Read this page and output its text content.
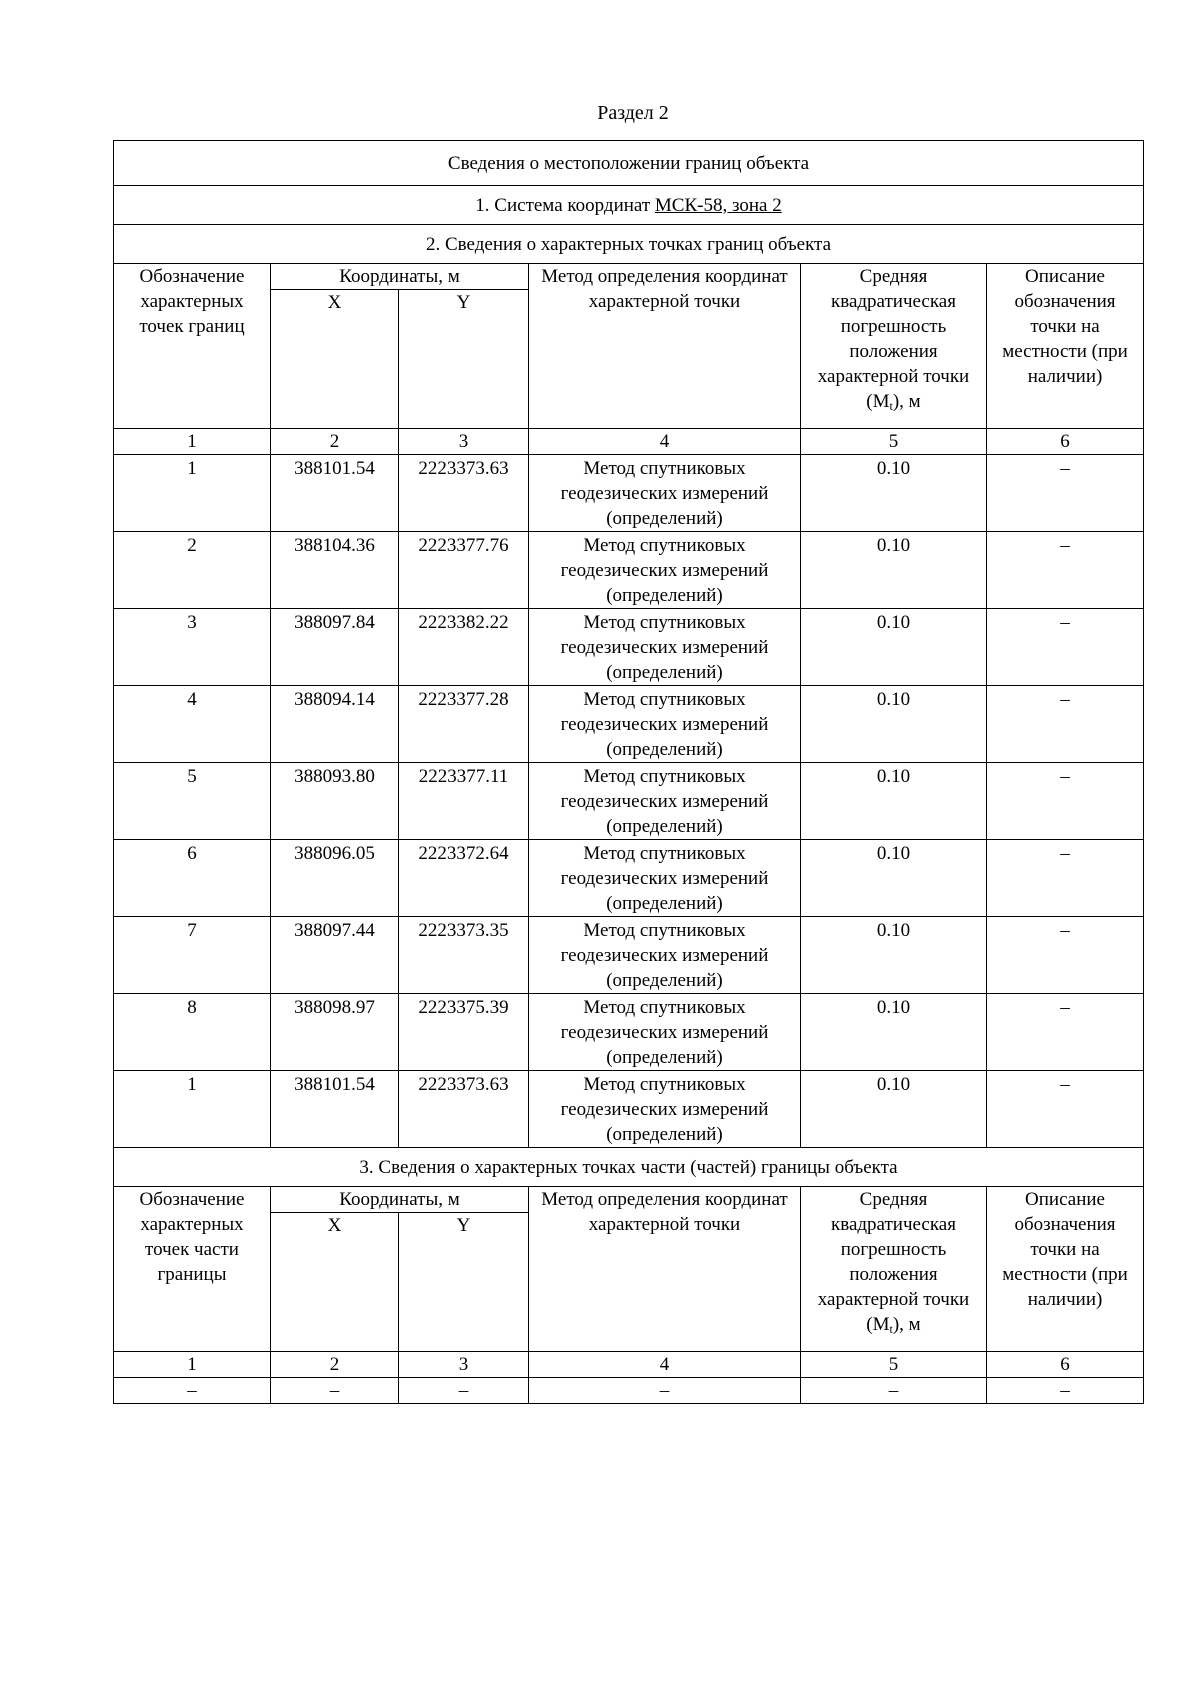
Раздел 2
Сведения о местоположении границ объекта					
1. Система координат МСК-58, зона 2					
2. Сведения о характерных точках границ объекта					
Обозначение характерных точек границ	Координаты, м		Метод определения координат характерной точки	Средняя квадратическая погрешность положения характерной точки $(M_t)$, м	Описание обозначения точки на местности (при наличии)
	X	Y			
1	2	3	4	5	6
1	388101.54	2223373.63	Метод спутниковых геодезических измерений (определений)	0.10	–
2	388104.36	2223377.76	Метод спутниковых геодезических измерений (определений)	0.10	–
3	388097.84	2223382.22	Метод спутниковых геодезических измерений (определений)	0.10	–
4	388094.14	2223377.28	Метод спутниковых геодезических измерений (определений)	0.10	–
5	388093.80	2223377.11	Метод спутниковых геодезических измерений (определений)	0.10	–
6	388096.05	2223372.64	Метод спутниковых геодезических измерений (определений)	0.10	–
7	388097.44	2223373.35	Метод спутниковых геодезических измерений (определений)	0.10	–
8	388098.97	2223375.39	Метод спутниковых геодезических измерений (определений)	0.10	–
1	388101.54	2223373.63	Метод спутниковых геодезических измерений (определений)	0.10	–
3. Сведения о характерных точках части (частей) границы объекта					
Обозначение характерных точек части границы	Координаты, м		Метод определения координат характерной точки	Средняя квадратическая погрешность положения характерной точки $(M_t)$, м	Описание обозначения точки на местности (при наличии)
	X	Y			
1	2	3	4	5	6
–	–	–	–	–	–
